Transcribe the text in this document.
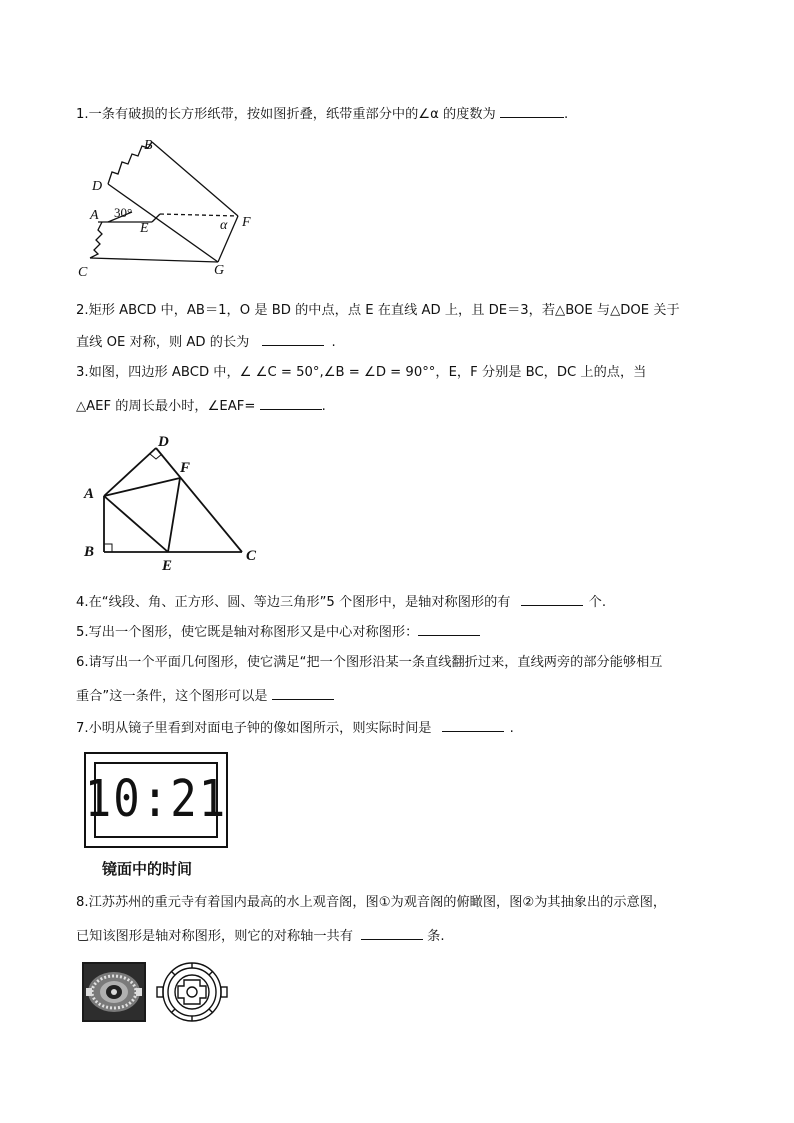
1.一条有破损的长方形纸带，按如图折叠，纸带重部分中的∠α 的度数为	.
B
D
A 30°
E	α F
C	G
2.矩形 ABCD 中，AB＝1，O 是 BD 的中点，点 E 在直线 AD 上，且 DE＝3，若△BOE 与△DOE 关于
直线 OE 对称，则 AD 的长为	.
3.如图，四边形 ABCD 中，∠ ∠C = 50°,∠B = ∠D = 90°°，E，F 分别是 BC，DC 上的点，当
△AEF 的周长最小时，∠EAF=	.
D
F
A
B
E
C
4.在“线段、角、正方形、圆、等边三角形”5 个图形中，是轴对称图形的有	个.
5.写出一个图形，使它既是轴对称图形又是中心对称图形：
6.请写出一个平面几何图形，使它满足“把一个图形沿某一条直线翻折过来，直线两旁的部分能够相互
重合”这一条件，这个图形可以是
7.小明从镜子里看到对面电子钟的像如图所示，则实际时间是	.
10:21
镜面中的时间
8.江苏苏州的重元寺有着国内最高的水上观音阁，图①为观音阁的俯瞰图，图②为其抽象出的示意图，
已知该图形是轴对称图形，则它的对称轴一共有	条.
